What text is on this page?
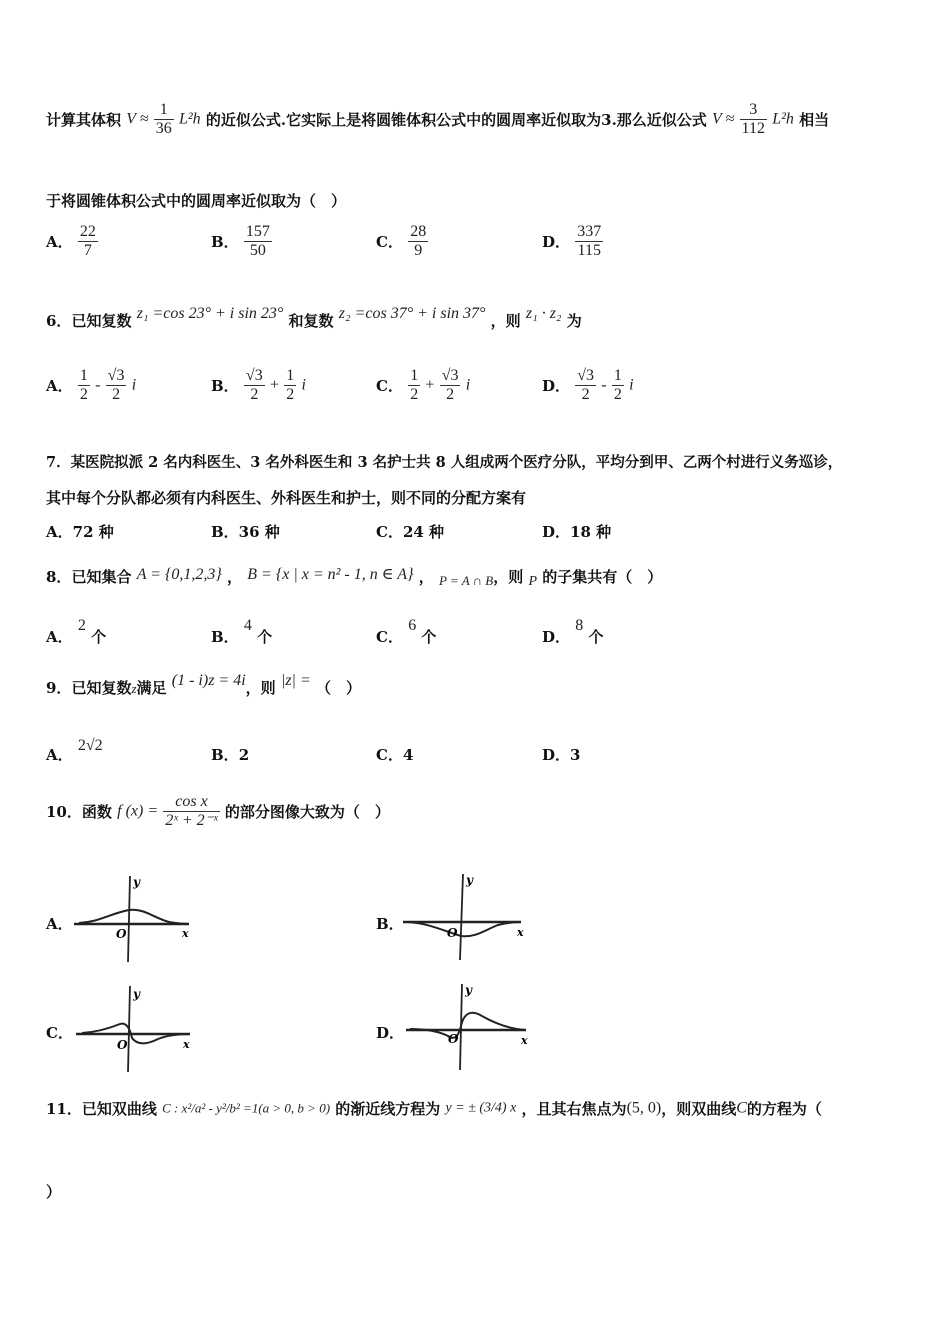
计算其体积 $V \approx \frac{1}{36} L^2h$ 的近似公式.它实际上是将圆锥体积公式中的圆周率近似取为3.那么近似公式 $V \approx \frac{3}{112} L^2h$ 相当
于将圆锥体积公式中的圆周率近似取为（　）
A． $\frac{22}{7}$	B． $\frac{157}{50}$	C． $\frac{28}{9}$	D． $\frac{337}{115}$
6．已知复数 z₁ =cos 23° + i sin 23° 和复数 z₂ =cos 37° + i sin 37° ，则 z₁ · z₂ 为
A． $\frac{1}{2} - \frac{√3}{2}$ i	B． $\frac{√3}{2} + \frac{1}{2}$ i	C． $\frac{1}{2} + \frac{√3}{2}$ i	D． $\frac{√3}{2} - \frac{1}{2}$ i
7．某医院拟派 2 名内科医生、3 名外科医生和 3 名护士共 8 人组成两个医疗分队，平均分到甲、乙两个村进行义务巡诊，
其中每个分队都必须有内科医生、外科医生和护士，则不同的分配方案有
A．72 种	B．36 种	C．24 种	D．18 种
8．已知集合 A = {0,1,2,3} ， B = {x | x = n² - 1, n ∈ A} ， P = A ∩ B，则 P 的子集共有（　）
A． 2 个	B． 4 个	C． 6 个	D． 8 个
9．已知复数z满足 (1 - i)z = 4i，则 |z| = （　）
A． 2√2
B．2	C．4	D．3
10．函数 f $(x) = \frac{\text{cos x}}{\text{2ˣ + 2⁻ˣ}}$ 的部分图像大致为（　）
A．
y
O	x
B．
y
O	x
C．
y
O	x
D．
y
O	x
11．已知双曲线 C : x²/a² - y²/b² =1(a > 0, b > 0) 的渐近线方程为 y = ± (3/4) x ，且其右焦点为(5, 0)，则双曲线C的方程为（
）
